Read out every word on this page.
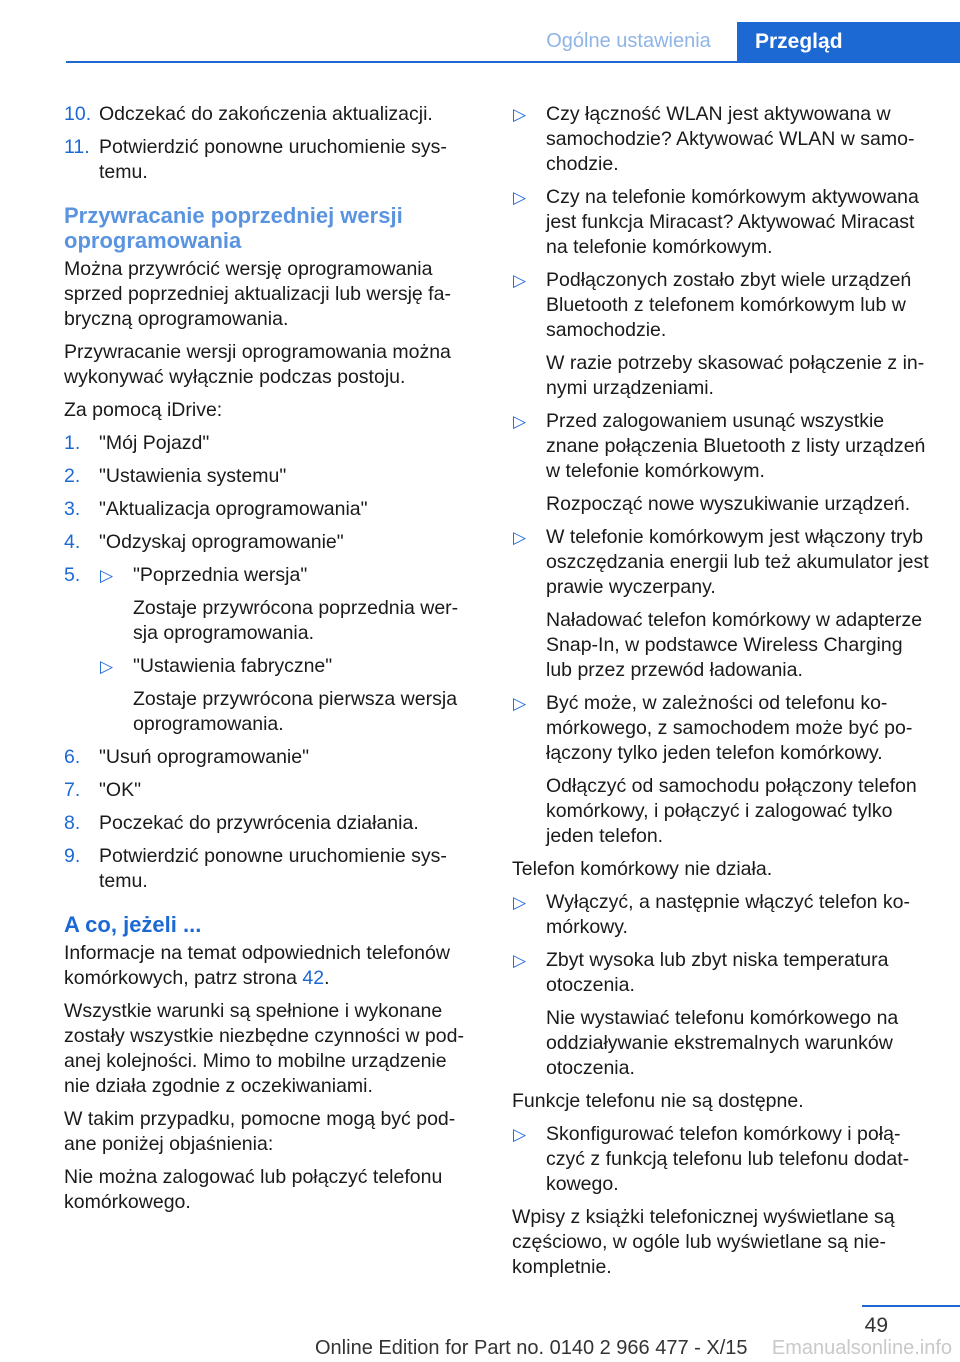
Ogólne ustawienia	Przegląd
10. Odczekać do zakończenia aktualizacji.
11. Potwierdzić ponowne uruchomienie systemu.
Przywracanie poprzedniej wersji oprogramowania
Można przywrócić wersję oprogramowania sprzed poprzedniej aktualizacji lub wersję fabryczną oprogramowania.
Przywracanie wersji oprogramowania można wykonywać wyłącznie podczas postoju.
Za pomocą iDrive:
1. "Mój Pojazd"
2. "Ustawienia systemu"
3. "Aktualizacja oprogramowania"
4. "Odzyskaj oprogramowanie"
5. ▷ "Poprzednia wersja"
Zostaje przywrócona poprzednia wersja oprogramowania.
▷ "Ustawienia fabryczne"
Zostaje przywrócona pierwsza wersja oprogramowania.
6. "Usuń oprogramowanie"
7. "OK"
8. Poczekać do przywrócenia działania.
9. Potwierdzić ponowne uruchomienie systemu.
A co, jeżeli ...
Informacje na temat odpowiednich telefonów komórkowych, patrz strona 42.
Wszystkie warunki są spełnione i wykonane zostały wszystkie niezbędne czynności w podanej kolejności. Mimo to mobilne urządzenie nie działa zgodnie z oczekiwaniami.
W takim przypadku, pomocne mogą być podane poniżej objaśnienia:
Nie można zalogować lub połączyć telefonu komórkowego.
▷ Czy łączność WLAN jest aktywowana w samochodzie? Aktywować WLAN w samochodzie.
▷ Czy na telefonie komórkowym aktywowana jest funkcja Miracast? Aktywować Miracast na telefonie komórkowym.
▷ Podłączonych zostało zbyt wiele urządzeń Bluetooth z telefonem komórkowym lub w samochodzie.
W razie potrzeby skasować połączenie z innymi urządzeniami.
▷ Przed zalogowaniem usunąć wszystkie znane połączenia Bluetooth z listy urządzeń w telefonie komórkowym.
Rozpocząć nowe wyszukiwanie urządzeń.
▷ W telefonie komórkowym jest włączony tryb oszczędzania energii lub też akumulator jest prawie wyczerpany.
Naładować telefon komórkowy w adapterze Snap-In, w podstawce Wireless Charging lub przez przewód ładowania.
▷ Być może, w zależności od telefonu komórkowego, z samochodem może być połączony tylko jeden telefon komórkowy.
Odłączyć od samochodu połączony telefon komórkowy, i połączyć i zalogować tylko jeden telefon.
Telefon komórkowy nie działa.
▷ Wyłączyć, a następnie włączyć telefon komórkowy.
▷ Zbyt wysoka lub zbyt niska temperatura otoczenia.
Nie wystawiać telefonu komórkowego na oddziaływanie ekstremalnych warunków otoczenia.
Funkcje telefonu nie są dostępne.
▷ Skonfigurować telefon komórkowy i połączyć z funkcją telefonu lub telefonu dodatkowego.
Wpisy z książki telefonicznej wyświetlane są częściowo, w ogóle lub wyświetlane są niekompletnie.
49
Online Edition for Part no. 0140 2 966 477 - X/15 Emanualsonline.info
